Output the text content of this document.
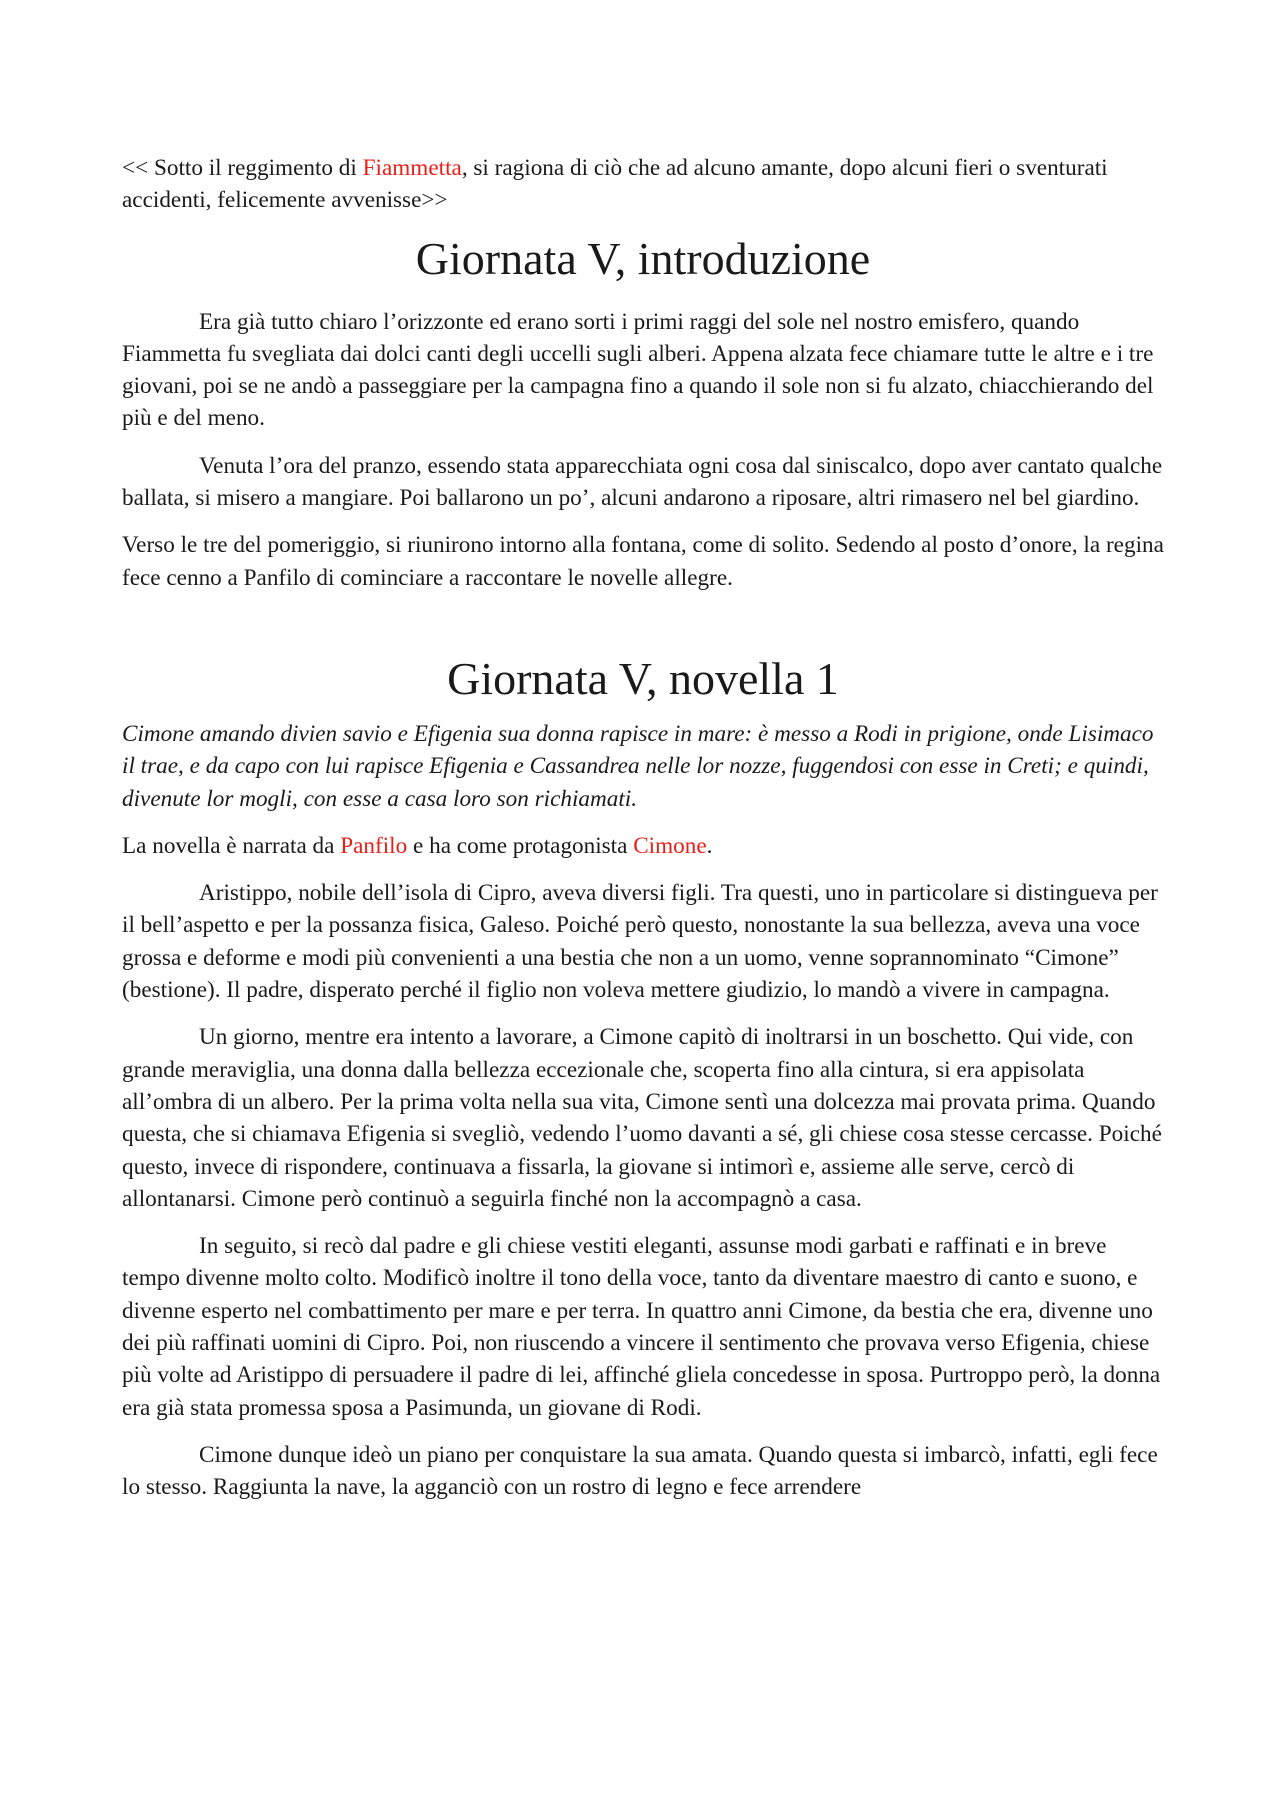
<< Sotto il reggimento di Fiammetta, si ragiona di ciò che ad alcuno amante, dopo alcuni fieri o sventurati accidenti, felicemente avvenisse>>

Giornata V, introduzione

Era già tutto chiaro l’orizzonte ed erano sorti i primi raggi del sole nel nostro emisfero, quando Fiammetta fu svegliata dai dolci canti degli uccelli sugli alberi. Appena alzata fece chiamare tutte le altre e i tre giovani, poi se ne andò a passeggiare per la campagna fino a quando il sole non si fu alzato, chiacchierando del più e del meno.

Venuta l’ora del pranzo, essendo stata apparecchiata ogni cosa dal siniscalco, dopo aver cantato qualche ballata, si misero a mangiare. Poi ballarono un po’, alcuni andarono a riposare, altri rimasero nel bel giardino.

Verso le tre del pomeriggio, si riunirono intorno alla fontana, come di solito. Sedendo al posto d’onore, la regina fece cenno a Panfilo di cominciare a raccontare le novelle allegre.

Giornata V, novella 1

Cimone amando divien savio e Efigenia sua donna rapisce in mare: è messo a Rodi in prigione, onde Lisimaco il trae, e da capo con lui rapisce Efigenia e Cassandrea nelle lor nozze, fuggendosi con esse in Creti; e quindi, divenute lor mogli, con esse a casa loro son richiamati.

La novella è narrata da Panfilo e ha come protagonista Cimone.

Aristippo, nobile dell’isola di Cipro, aveva diversi figli. Tra questi, uno in particolare si distingueva per il bell’aspetto e per la possanza fisica, Galeso. Poiché però questo, nonostante la sua bellezza, aveva una voce grossa e deforme e modi più convenienti a una bestia che non a un uomo, venne soprannominato “Cimone” (bestione). Il padre, disperato perché il figlio non voleva mettere giudizio, lo mandò a vivere in campagna.

Un giorno, mentre era intento a lavorare, a Cimone capitò di inoltrarsi in un boschetto. Qui vide, con grande meraviglia, una donna dalla bellezza eccezionale che, scoperta fino alla cintura, si era appisolata all’ombra di un albero. Per la prima volta nella sua vita, Cimone sentì una dolcezza mai provata prima. Quando questa, che si chiamava Efigenia si svegliò, vedendo l’uomo davanti a sé, gli chiese cosa stesse cercasse. Poiché questo, invece di rispondere, continuava a fissarla, la giovane si intimorì e, assieme alle serve, cercò di allontanarsi. Cimone però continuò a seguirla finché non la accompagnò a casa.

In seguito, si recò dal padre e gli chiese vestiti eleganti, assunse modi garbati e raffinati e in breve tempo divenne molto colto. Modificò inoltre il tono della voce, tanto da diventare maestro di canto e suono, e divenne esperto nel combattimento per mare e per terra. In quattro anni Cimone, da bestia che era, divenne uno dei più raffinati uomini di Cipro. Poi, non riuscendo a vincere il sentimento che provava verso Efigenia, chiese più volte ad Aristippo di persuadere il padre di lei, affinché gliela concedesse in sposa. Purtroppo però, la donna era già stata promessa sposa a Pasimunda, un giovane di Rodi.

Cimone dunque ideò un piano per conquistare la sua amata. Quando questa si imbarcò, infatti, egli fece lo stesso. Raggiunta la nave, la agganciò con un rostro di legno e fece arrendere
